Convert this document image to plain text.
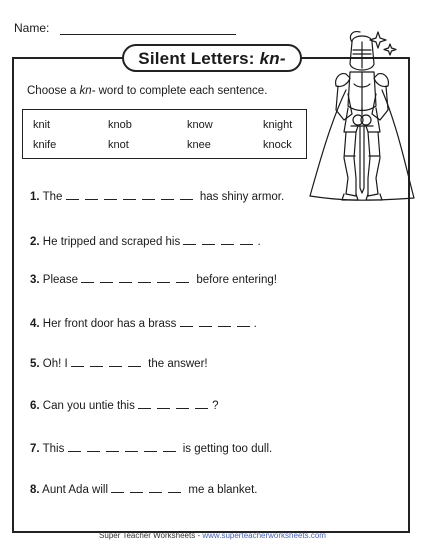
Name:
Silent Letters: kn-
Choose a kn- word to complete each sentence.
knit	knob	know	knight
knife	knot	knee	knock
1. The	has shiny armor.
2. He tripped and scraped his	.
3. Please	before entering!
4. Her front door has a brass	.
5. Oh! I	the answer!
6. Can you untie this	?
7. This	is getting too dull.
8. Aunt Ada will	me a blanket.
Super Teacher Worksheets - www.superteacherworksheets.com
